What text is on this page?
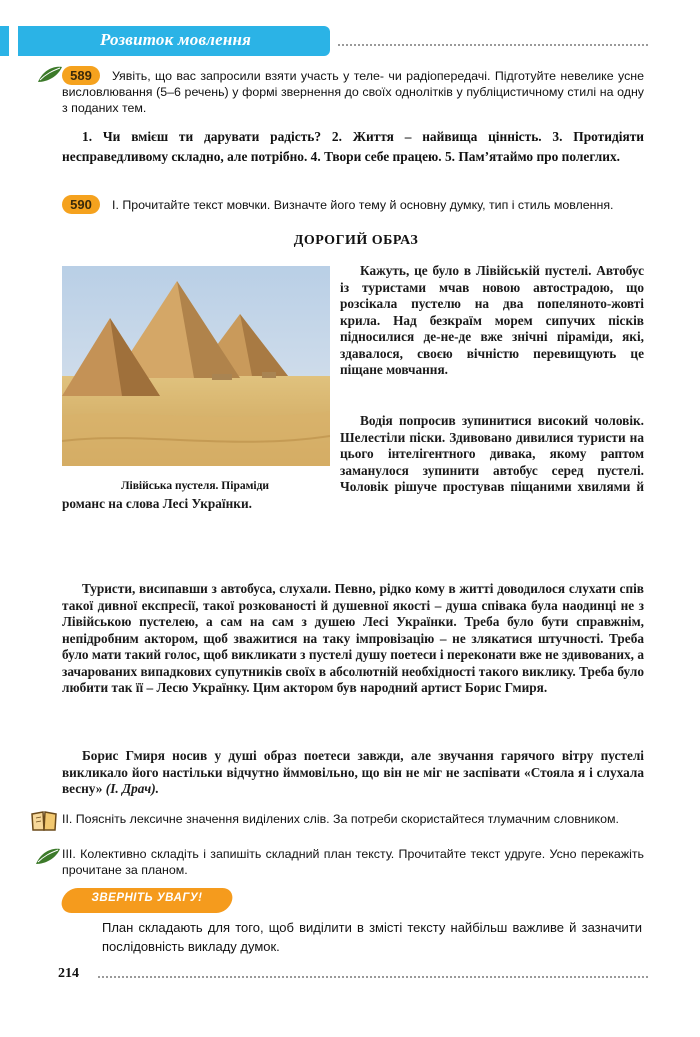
Розвиток мовлення
589	Уявіть, що вас запросили взяти участь у теле- чи радіопередачі. Підготуйте невелике усне висловлювання (5–6 речень) у формі звернення до своїх однолітків у публіцистичному стилі на одну з поданих тем.
1. Чи вмієш ти дарувати радість? 2. Життя – найвища цінність. 3. Протидіяти несправедливому складно, але потрібно. 4. Твори себе працею. 5. Пам’ятаймо про полеглих.
590	І. Прочитайте текст мовчки. Визначте його тему й основну думку, тип і стиль мовлення.
ДОРОГИЙ ОБРАЗ
Лівійська пустеля. Піраміди

Кажуть, це було в Лівійській пустелі. Автобус із туристами мчав новою автострадою, що розсікала пустелю на два попеляното-жовті крила. Над безкраїм морем сипучих пісків підносилися де-не-де вже знічні піраміди, які, здавалося, своєю вічністю перевищують це піщане мовчання.

Водія попросив зупинитися високий чоловік. Шелестіли піски. Здивовано дивилися туристи на цього інтелігентного дивака, якому раптом заманулося зупинити автобус серед пустелі. Чоловік рішуче простував піщаними хвилями й

романс на слова Лесі Українки.

Туристи, висипавши з автобуса, слухали. Певно, рідко кому в житті доводилося слухати спів такої дивної експресії, такої розкованості й душевної якості – душа співака була наодинці не з Лівійською пустелею, а сам на сам з душею Лесі Українки. Треба було бути справжнім, непідробним актором, щоб зважитися на таку імпровізацію – не злякатися штучності. Треба було мати такий голос, щоб викликати з пустелі душу поетеси і переконати вже не здивованих, а зачарованих випадкових супутників своїх в абсолютній необхідності такого виклику. Треба було любити так її – Лесю Українку. Цим актором був народний артист Борис Гмиря.

Борис Гмиря носив у душі образ поетеси завжди, але звучання гарячого вітру пустелі викликало його настільки відчутно йммовільно, що він не міг не заспівати «Стояла я і слухала весну» (І. Драч).

ІІ. Поясніть лексичне значення виділених слів. За потреби скористайтеся тлумачним словником.
ІІІ. Колективно складіть і запишіть складний план тексту. Прочитайте текст удруге. Усно перекажіть прочитане за планом.
ЗВЕРНІТЬ УВАГУ!
План складають для того, щоб виділити в змісті тексту найбільш важливе й зазначити послідовність викладу думок.
214
